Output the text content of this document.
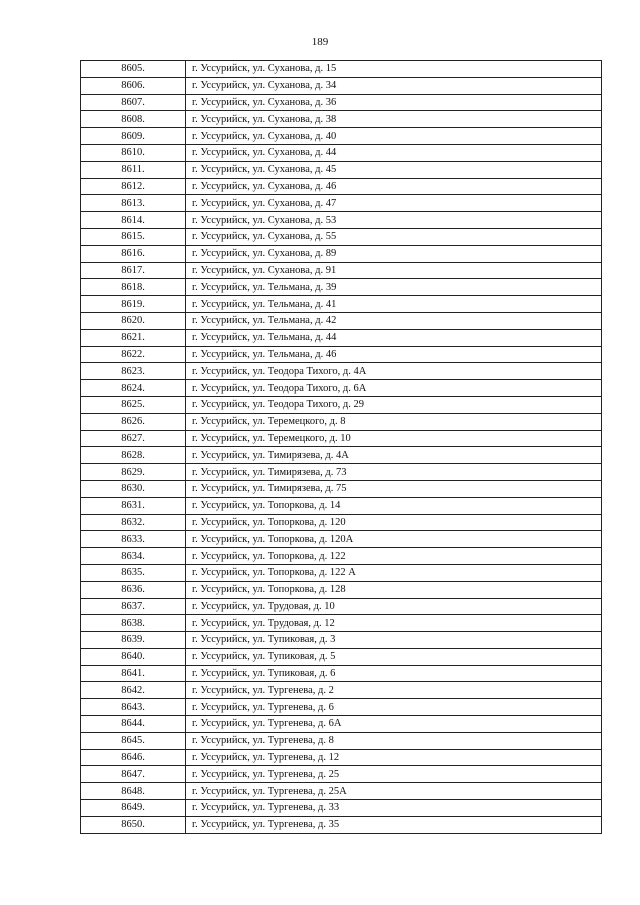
189
8605.	г. Уссурийск, ул. Суханова, д. 15
8606.	г. Уссурийск, ул. Суханова, д. 34
8607.	г. Уссурийск, ул. Суханова, д. 36
8608.	г. Уссурийск, ул. Суханова, д. 38
8609.	г. Уссурийск, ул. Суханова, д. 40
8610.	г. Уссурийск, ул. Суханова, д. 44
8611.	г. Уссурийск, ул. Суханова, д. 45
8612.	г. Уссурийск, ул. Суханова, д. 46
8613.	г. Уссурийск, ул. Суханова, д. 47
8614.	г. Уссурийск, ул. Суханова, д. 53
8615.	г. Уссурийск, ул. Суханова, д. 55
8616.	г. Уссурийск, ул. Суханова, д. 89
8617.	г. Уссурийск, ул. Суханова, д. 91
8618.	г. Уссурийск, ул. Тельмана, д. 39
8619.	г. Уссурийск, ул. Тельмана, д. 41
8620.	г. Уссурийск, ул. Тельмана, д. 42
8621.	г. Уссурийск, ул. Тельмана, д. 44
8622.	г. Уссурийск, ул. Тельмана, д. 46
8623.	г. Уссурийск, ул. Теодора Тихого, д. 4А
8624.	г. Уссурийск, ул. Теодора Тихого, д. 6А
8625.	г. Уссурийск, ул. Теодора Тихого, д. 29
8626.	г. Уссурийск, ул. Теремецкого, д. 8
8627.	г. Уссурийск, ул. Теремецкого, д. 10
8628.	г. Уссурийск, ул. Тимирязева, д. 4А
8629.	г. Уссурийск, ул. Тимирязева, д. 73
8630.	г. Уссурийск, ул. Тимирязева, д. 75
8631.	г. Уссурийск, ул. Топоркова, д. 14
8632.	г. Уссурийск, ул. Топоркова, д. 120
8633.	г. Уссурийск, ул. Топоркова, д. 120А
8634.	г. Уссурийск, ул. Топоркова, д. 122
8635.	г. Уссурийск, ул. Топоркова, д. 122 А
8636.	г. Уссурийск, ул. Топоркова, д. 128
8637.	г. Уссурийск, ул. Трудовая, д. 10
8638.	г. Уссурийск, ул. Трудовая, д. 12
8639.	г. Уссурийск, ул. Тупиковая, д. 3
8640.	г. Уссурийск, ул. Тупиковая, д. 5
8641.	г. Уссурийск, ул. Тупиковая, д. 6
8642.	г. Уссурийск, ул. Тургенева, д. 2
8643.	г. Уссурийск, ул. Тургенева, д. 6
8644.	г. Уссурийск, ул. Тургенева, д. 6А
8645.	г. Уссурийск, ул. Тургенева, д. 8
8646.	г. Уссурийск, ул. Тургенева, д. 12
8647.	г. Уссурийск, ул. Тургенева, д. 25
8648.	г. Уссурийск, ул. Тургенева, д. 25А
8649.	г. Уссурийск, ул. Тургенева, д. 33
8650.	г. Уссурийск, ул. Тургенева, д. 35
